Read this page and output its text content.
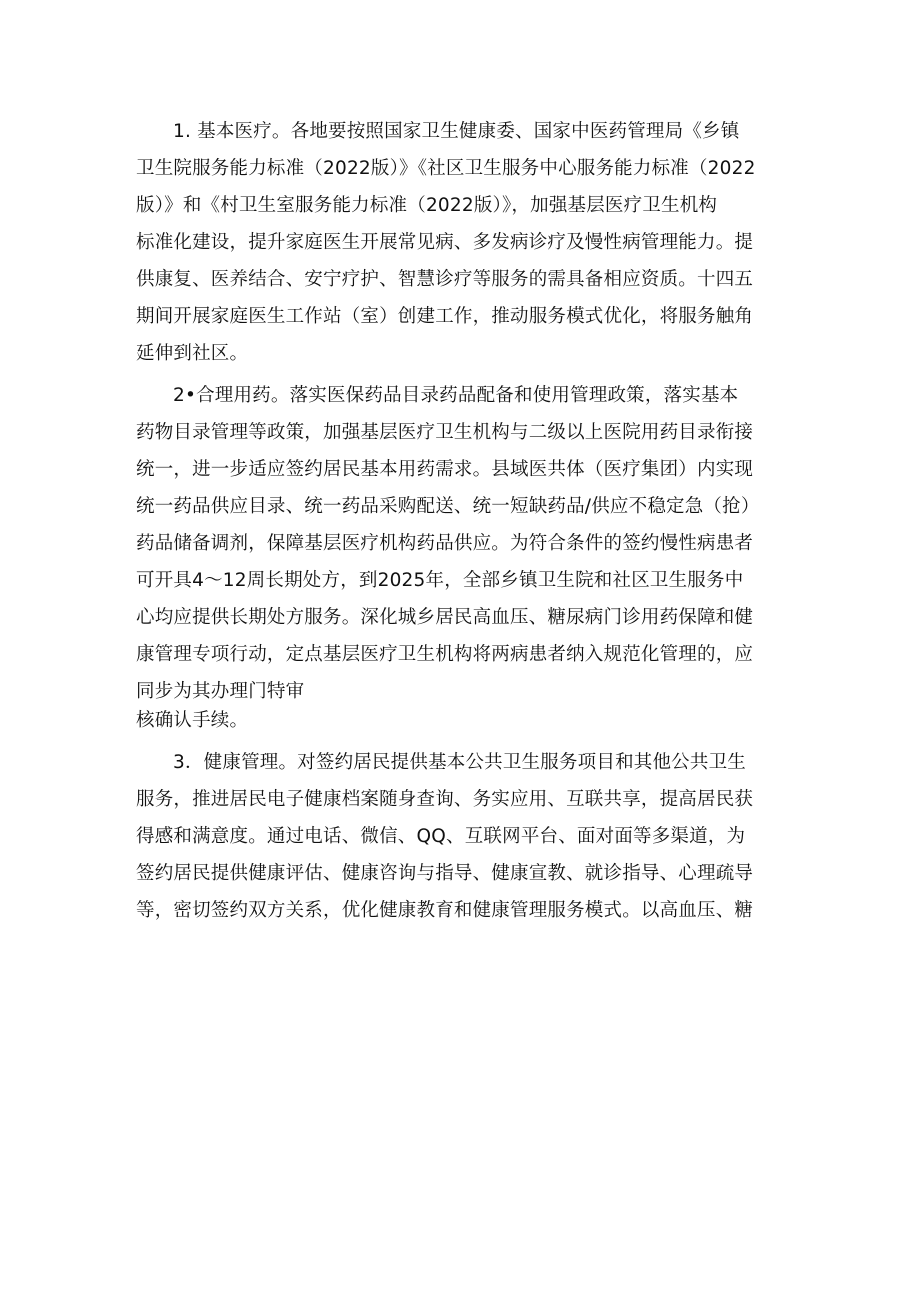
1. 基本医疗。各地要按照国家卫生健康委、国家中医药管理局《乡镇
卫生院服务能力标准（2022版）》《社区卫生服务中心服务能力标准（2022
版）》和《村卫生室服务能力标准（2022版）》，加强基层医疗卫生机构
标准化建设，提升家庭医生开展常见病、多发病诊疗及慢性病管理能力。提
供康复、医养结合、安宁疗护、智慧诊疗等服务的需具备相应资质。十四五
期间开展家庭医生工作站（室）创建工作，推动服务模式优化，将服务触角
延伸到社区。

2•合理用药。落实医保药品目录药品配备和使用管理政策，落实基本
药物目录管理等政策，加强基层医疗卫生机构与二级以上医院用药目录衔接
统一，进一步适应签约居民基本用药需求。县域医共体（医疗集团）内实现
统一药品供应目录、统一药品采购配送、统一短缺药品/供应不稳定急（抢）
药品储备调剂，保障基层医疗机构药品供应。为符合条件的签约慢性病患者
可开具4～12周长期处方，到2025年，全部乡镇卫生院和社区卫生服务中
心均应提供长期处方服务。深化城乡居民高血压、糖尿病门诊用药保障和健
康管理专项行动，定点基层医疗卫生机构将两病患者纳入规范化管理的，应
同步为其办理门特审

核确认手续。

3．健康管理。对签约居民提供基本公共卫生服务项目和其他公共卫生
服务，推进居民电子健康档案随身查询、务实应用、互联共享，提高居民获
得感和满意度。通过电话、微信、QQ、互联网平台、面对面等多渠道，为
签约居民提供健康评估、健康咨询与指导、健康宣教、就诊指导、心理疏导
等，密切签约双方关系，优化健康教育和健康管理服务模式。以高血压、糖
